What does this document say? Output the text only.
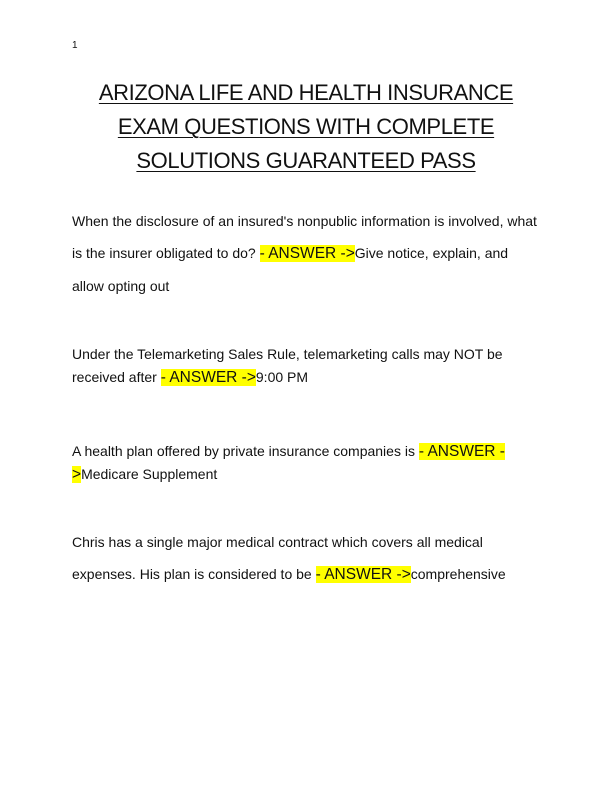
1
ARIZONA LIFE AND HEALTH INSURANCE
EXAM QUESTIONS WITH COMPLETE
SOLUTIONS GUARANTEED PASS

When the disclosure of an insured's nonpublic information is involved, what is the insurer obligated to do? - ANSWER ->Give notice, explain, and allow opting out

Under the Telemarketing Sales Rule, telemarketing calls may NOT be received after - ANSWER ->9:00 PM

A health plan offered by private insurance companies is - ANSWER - >Medicare Supplement

Chris has a single major medical contract which covers all medical expenses. His plan is considered to be - ANSWER ->comprehensive
